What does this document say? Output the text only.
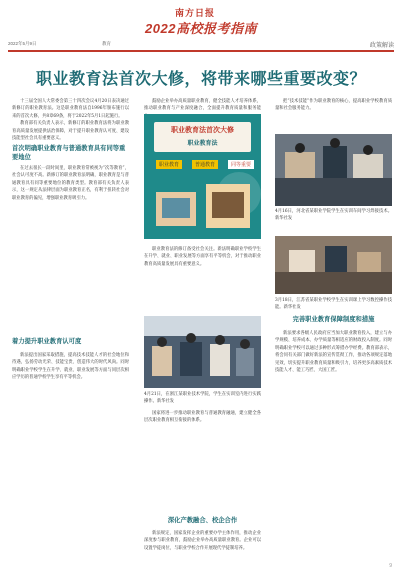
2022年5月9日	教育
南方日报
2022高校报考指南
政策解读
职业教育法首次大修，将带来哪些重要改变？

十三届全国人大常委会第三十四次会议4月20日表决通过新修订的职业教育法。这是职业教育法自1996年颁布施行以来的首次大修，共8章69条，将于2022年5月1日起施行。

教育部有关负责人表示，新修订的职业教育法将为职业教育高质量发展提供法治保障，对于提升职业教育认可度、建设技能型社会具有重要意义。

首次明确职业教育与普通教育具有同等重要地位

在过去很长一段时间里，职业教育常被视为“次等教育”，社会认可度不高。新修订的职业教育法明确，职业教育是与普通教育具有同等重要地位的教育类型。教育部有关负责人表示，这一规定从法律层面为职业教育正名，有利于扭转社会对职业教育的偏见，增强职业教育吸引力。

着力提升职业教育认可度

新法提出国家采取措施，提高技术技能人才的社会地位和待遇，弘扬劳动光荣、技能宝贵、创造伟大的时代风尚。同时明确职业学校学生在升学、就业、职业发展等方面与同层次相应学历的普通学校学生享有平等机会。

鼓励企业举办高质量职业教育，健全技能人才培养体系，推动职业教育与产业深度融合，全面提升教育质量和服务能

职业教育法首次大修
职业教育法
职业教育	普通教育	同等重要

职业教育法的修订备受社会关注。新法明确职业学校学生在升学、就业、职业发展等方面享有平等机会，对于推动职业教育高质量发展具有重要意义。

4月21日，在浙江某职业技术学院，学生在实训室内进行实践操作。新华社发

国家将进一步推动职业教育与普通教育融通，建立健全各层次职业教育相互衔接的体系。

深化产教融合、校企合作

新法规定，国家发挥企业的重要办学主体作用，推动企业深度参与职业教育，鼓励企业举办高质量职业教育。企业可以设置学徒岗位，与职业学校合作开展现代学徒制培养。

把“技术技能”作为职业教育的核心，提高职业学校教育质量和社会服务能力。

4月16日，河北省某职业学院学生在实训车间学习焊接技术。新华社发
3月18日，江苏省某职业学校学生在实训课上学习数控操作技能。新华社发
完善职业教育保障制度和措施

新法要求各级人民政府应当加大职业教育投入，建立与办学规模、培养成本、办学质量等相适应的财政投入制度。同时明确职业学校可以通过多种形式筹措办学经费。教育部表示，将会同有关部门做好新法的宣传贯彻工作，推动各项规定落地见效，切实提升职业教育质量和吸引力，培养更多高素质技术技能人才、能工巧匠、大国工匠。

9
